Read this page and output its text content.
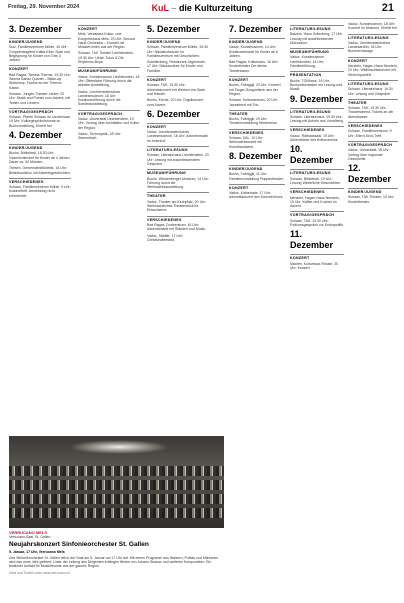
Freitag, 29. November 2024	KuL – die Kulturzeitung	21
3. Dezember
KINDER/JUGEND

Sulz, Familienzentrum Mühle, 15 Uhr: Gruppenangebot Kafka-Kind: Spiel und Begegnung für Kinder von 0 bis 4 Jahren.

KONZERT

Bad Ragaz, Tamina Therme, 19.30 Uhr: Samira Sabaz Quartet – Make-up Workshop, Tickets an der Therme-Kasse.

Schaan, Jungen-Theater-Lieder, 20 Uhr: Musik und Poesie zum Advent, mit Texten und Liedern.

VORTRAG/GESPRÄCH

Schaan, Pfarrei Schaan im Lauriensaal, 19 Uhr: Kulturgesprächsrunde zu Buchvorstellung, Eintritt frei.

4. Dezember
KINDER/JUGEND

Buchs, Bibliothek, 15.30 Uhr: Geschichtenzeit für Kinder ab 4 Jahren, Dauer ca. 30 Minuten.

Triesen, Gemeindebibliothek, 16 Uhr: Bilderbuchkino mit Adventsgeschichten.

VERSCHIEDENES

Schaan, Familienzentrum Mühle, 9 Uhr: Krabbeltreff, Anmeldung nicht erforderlich.

KONZERT

Mels, Verkauara Kultur- und Kongresshaus Mels, 20 Uhr: Second Hand Orchestra – Konzert mit Musiker:innen aus der Region.

Schaan, TAK Theater Liechtenstein, 19.30 Uhr: Ulrich Tukur & Die Rhythmus Boys.

MUSEUM/FÜHRUNG

Vaduz, Kunstmuseum Liechtenstein, 18 Uhr: Öffentliche Führung durch die aktuelle Ausstellung.

Vaduz, Liechtensteinisches Landesmuseum, 18 Uhr: Kuratorenführung durch die Sonderausstellung.

VORTRAG/GESPRÄCH

Vaduz, Universität Liechtenstein, 19 Uhr: Vortrag über Architektur und Kultur der Region.

Vaduz, Technopark, 18 Uhr: Stammtisch.

5. Dezember
KINDER/JUGEND

Schaan, Familienzentrum Mühle, 15.30 Uhr: Nikolausbesuch im Familienzentrum mit Geschichten.

Schellenberg, Restaurant Jägerstube, 17 Uhr: Nikolausfeier für Kinder und Familien.

KONZERT

Schaan, TAK, 19.30 Uhr: Adventskonzert mit Werken von Bach und Händel.

Buchs, Kirche, 20 Uhr: Orgelkonzert zum Advent.

6. Dezember
KONZERT

Vaduz, Liechtensteinisches Landesmuseum, 18 Uhr: Adventsmusik im Innenhof.

LITERATUR/LESUNG

Schaan, Literaturhaus Liechtenstein, 20 Uhr: Lesung mit anschliessendem Gespräch.

MUSEUM/FÜHRUNG

Buchs, Werdenberger Museum, 14 Uhr: Führung durch die Weihnachtsausstellung.

THEATER

Vaduz, Theater am Kirchplatz, 20 Uhr: Weihnachtliches Theaterstück für Erwachsene.

VERSCHIEDENES

Bad Ragaz, Dorfzentrum, 16 Uhr: Adventsmarkt mit Ständen und Musik.

Vaduz, Städtle, 17 Uhr: Christkindlemarkt.

7. Dezember
KINDER/JUGEND

Vaduz, Kunstmuseum, 14 Uhr: Kreativwerkstatt für Kinder ab 6 Jahren.

Bad Ragaz, Kulturhaus, 16 Uhr: Kindertheater Der kleine Tannenbaum.

KONZERT

Buchs, Fabriggli, 20 Uhr: Konzert mit Singer-Songwriterin aus der Region.

Schaan, Kulturzentrum, 20 Uhr: Jazzabend mit Trio.

THEATER

Buchs, Fabriggli, 20 Uhr: Theatervorstellung Winterreise.

VERSCHIEDENES

Schaan, SAL, 10 Uhr: Weihnachtsmarkt mit Kunsthandwerk.

8. Dezember
KINDER/JUGEND

Buchs, Fabriggli, 11 Uhr: Familienvorstellung Puppentheater.

KONZERT

Vaduz, Kathedrale, 17 Uhr: Adventskonzert des Kammerchors.

LITERATUR/LESUNG

Balzers, Haus Gutenberg, 17 Uhr: Lesung mit anschliessender Diskussion.

MUSEUM/FÜHRUNG

Vaduz, Kunstmuseum Liechtenstein, 14 Uhr: Familienführung.

PRÄSENTATION

Buchs, TONhaus, 19 Uhr: Buchpräsentation mit Lesung und Musik.

9. Dezember
LITERATUR/LESUNG

Schaan, Literaturhaus, 19.30 Uhr: Lesung mit Autorin aus Vorarlberg.

VERSCHIEDENES

Vaduz, Rathaussaal, 19 Uhr: Adventsfeier des Kulturvereins.

10. Dezember
LITERATUR/LESUNG

Schaan, Bibliothek, 19 Uhr: Lesung Winterliche Geschichten.

VERSCHIEDENES

Nendeln, Hagen-Haus Nendeln, 15 Uhr: Kaffee und Kuchen im Advent.

VORTRAG/GESPRÄCH

Schaan, TAK, 19.30 Uhr: Podiumsgespräch zur Kulturpolitik.

11. Dezember
KONZERT

Mauren, Kulturhaus Rössle, 20 Uhr: Konzert.

Vaduz, Kunstmuseum, 18 Uhr: Konzert im Museum, Eintritt frei.

LITERATUR/LESUNG

Vaduz, Liechtensteinisches Landesarchiv, 18 Uhr: Buchvernissage.

KONZERT

Nendeln, Hagen-Haus Nendeln, 20 Uhr: Weihnachtskonzert mit Streichquartett.

LITERATUR/LESUNG

Schaan, Literaturhaus, 19.30 Uhr: Lesung und Gespräch.

THEATER

Schaan, TAK, 19.30 Uhr: Theaterabend, Tickets an der Abendkasse.

VERSCHIEDENES

Schaan, Familienzentrum, 9 Uhr: Eltern-Kind-Treff.

VORTRAG/GESPRÄCH

Vaduz, Universität, 18 Uhr: Vortrag über regionale Geschichte.

12. Dezember
KINDER/JUGEND

Schaan, TAK Theater, 10 Uhr: Kindertheater.

VERRUCANO MELS
Verrucano-Saal, St. Gallen
Neujahrskonzert Sinfonieorchester St. Gallen
5. Januar, 17 Uhr, Verrucano Mels
Das Sinfonieorchester St. Gallen tritt in der Saal am 5. Januar um 17 Uhr auf. Mit einem Programm aus Walzern, Polkas und Märschen wird das neue Jahr gefeiert. Unter der Leitung des Dirigenten erklingen Werke von Johann Strauss und weiteren Komponisten. Ein festlicher Auftakt für Musikfreunde aus der ganzen Region.
Infos und Tickets unter www.verrucano.ch
